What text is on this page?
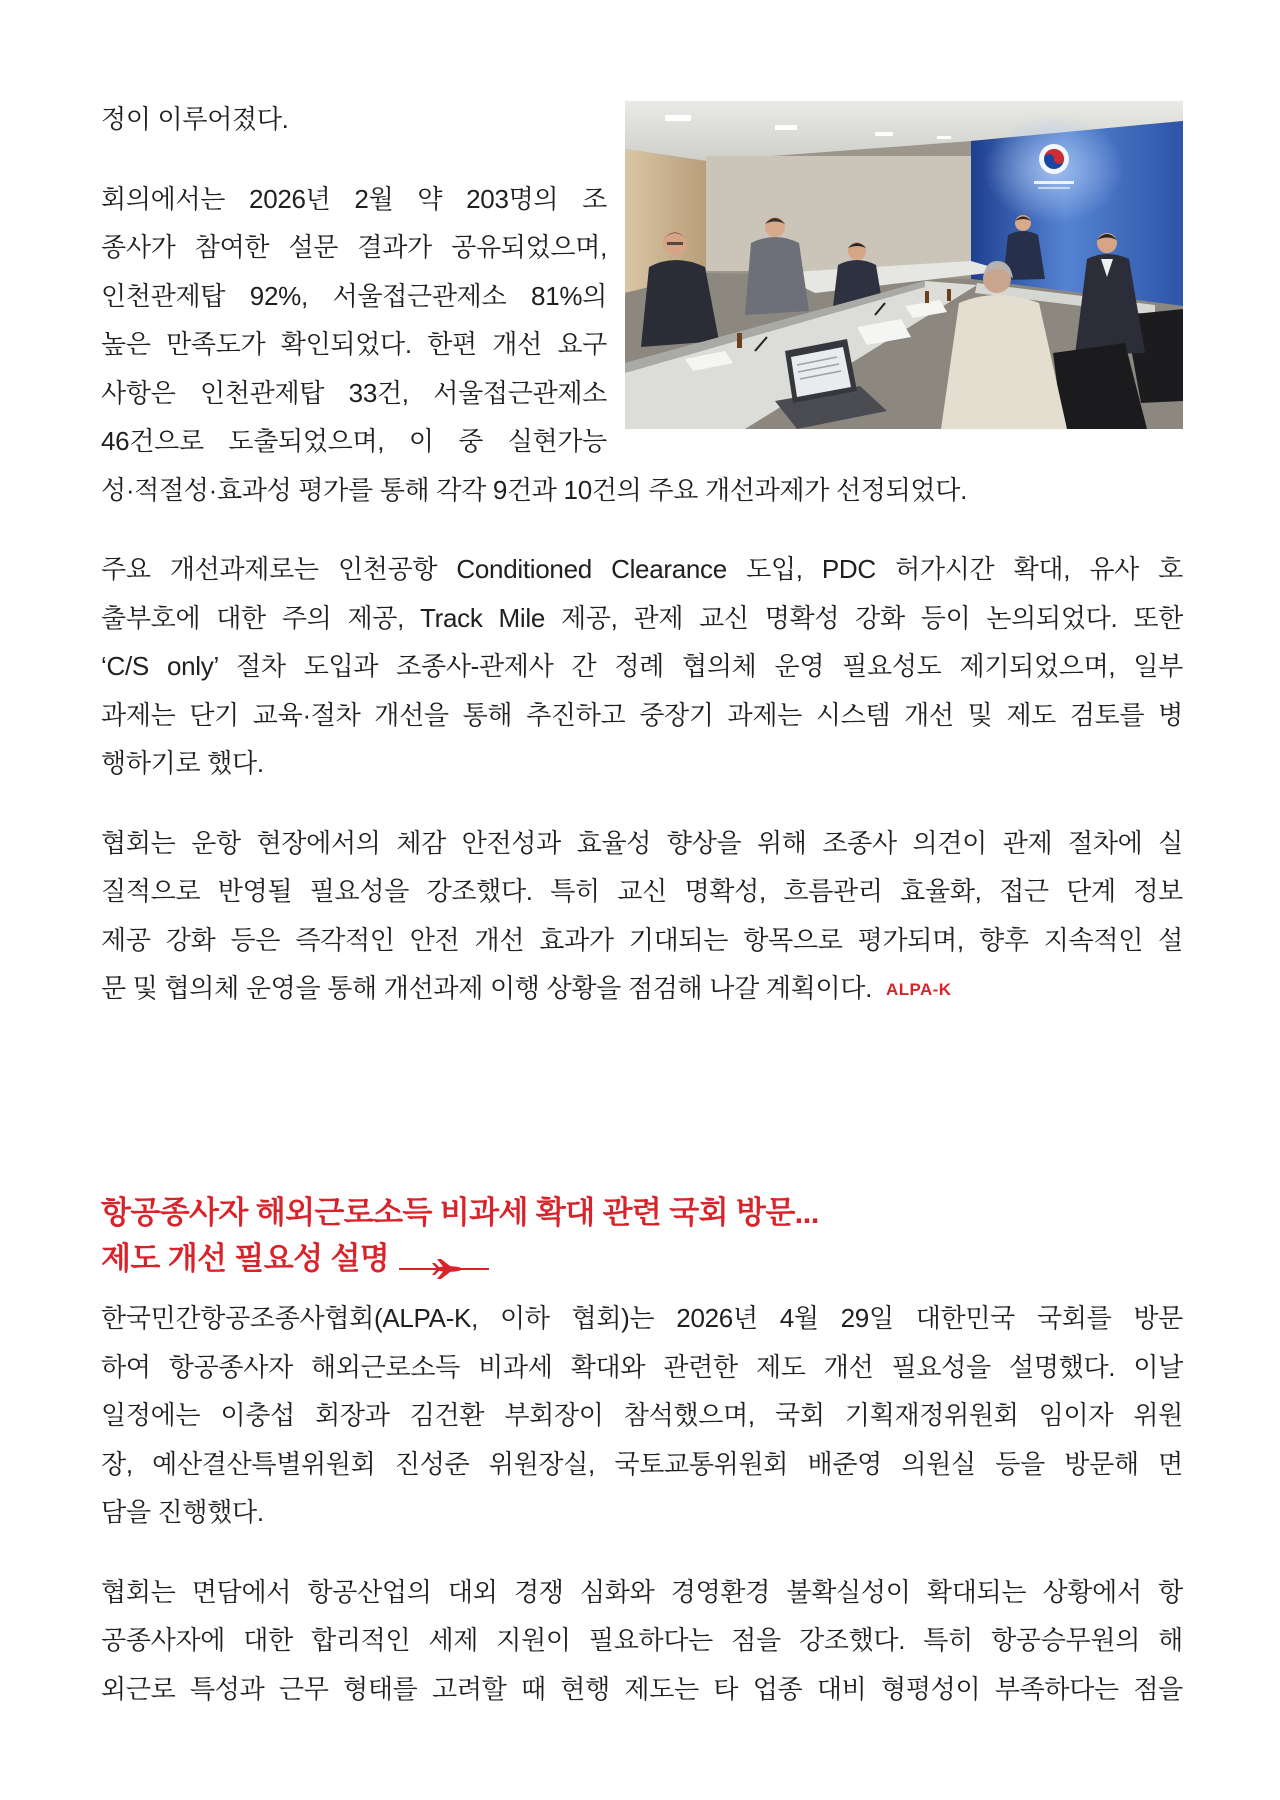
정이 이루어졌다.
회의에서는 2026년 2월 약 203명의 조
종사가 참여한 설문 결과가 공유되었으며,
인천관제탑 92%, 서울접근관제소 81%의
높은 만족도가 확인되었다. 한편 개선 요구
사항은 인천관제탑 33건, 서울접근관제소
46건으로 도출되었으며, 이 중 실현가능
성·적절성·효과성 평가를 통해 각각 9건과 10건의 주요 개선과제가 선정되었다.
주요 개선과제로는 인천공항 Conditioned Clearance 도입, PDC 허가시간 확대, 유사 호
출부호에 대한 주의 제공, Track Mile 제공, 관제 교신 명확성 강화 등이 논의되었다. 또한
‘C/S only’ 절차 도입과 조종사-관제사 간 정례 협의체 운영 필요성도 제기되었으며, 일부
과제는 단기 교육·절차 개선을 통해 추진하고 중장기 과제는 시스템 개선 및 제도 검토를 병
행하기로 했다.
협회는 운항 현장에서의 체감 안전성과 효율성 향상을 위해 조종사 의견이 관제 절차에 실
질적으로 반영될 필요성을 강조했다. 특히 교신 명확성, 흐름관리 효율화, 접근 단계 정보
제공 강화 등은 즉각적인 안전 개선 효과가 기대되는 항목으로 평가되며, 향후 지속적인 설
문 및 협의체 운영을 통해 개선과제 이행 상황을 점검해 나갈 계획이다. ALPA-K
항공종사자 해외근로소득 비과세 확대 관련 국회 방문...
제도 개선 필요성 설명
한국민간항공조종사협회(ALPA-K, 이하 협회)는 2026년 4월 29일 대한민국 국회를 방문
하여 항공종사자 해외근로소득 비과세 확대와 관련한 제도 개선 필요성을 설명했다. 이날
일정에는 이충섭 회장과 김건환 부회장이 참석했으며, 국회 기획재정위원회 임이자 위원
장, 예산결산특별위원회 진성준 위원장실, 국토교통위원회 배준영 의원실 등을 방문해 면
담을 진행했다.
협회는 면담에서 항공산업의 대외 경쟁 심화와 경영환경 불확실성이 확대되는 상황에서 항
공종사자에 대한 합리적인 세제 지원이 필요하다는 점을 강조했다. 특히 항공승무원의 해
외근로 특성과 근무 형태를 고려할 때 현행 제도는 타 업종 대비 형평성이 부족하다는 점을
